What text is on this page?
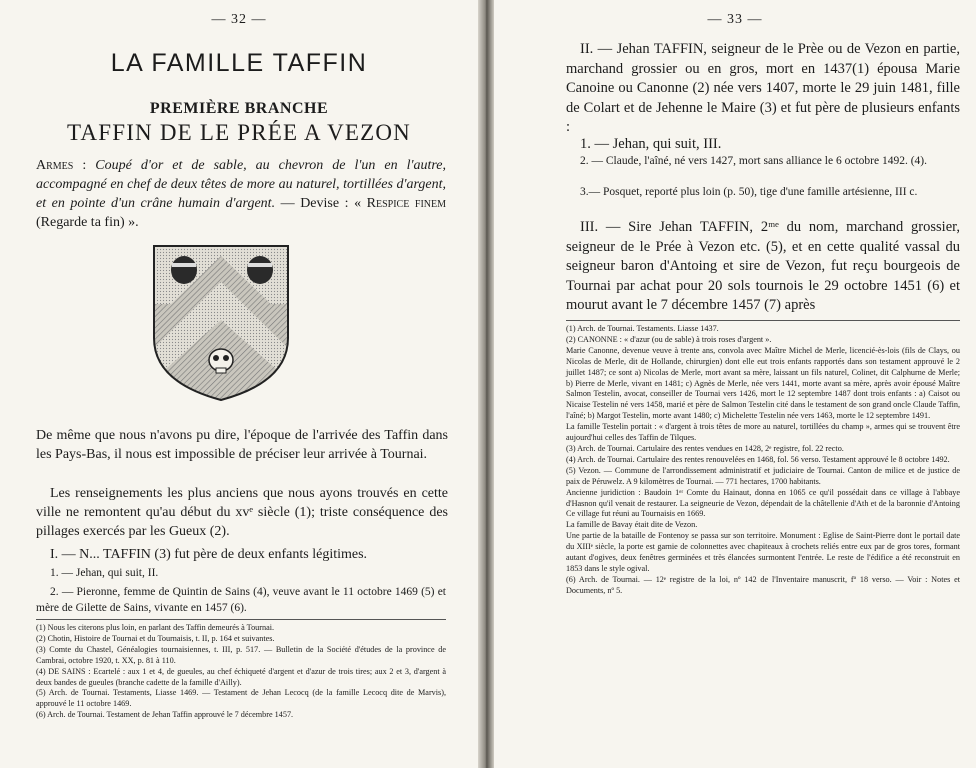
— 32 —
LA FAMILLE TAFFIN
PREMIÈRE BRANCHE
TAFFIN DE LE PRÉE A VEZON
Armes : Coupé d'or et de sable, au chevron de l'un en l'autre, accompagné en chef de deux têtes de more au naturel, tortillées d'argent, et en pointe d'un crâne humain d'argent. — Devise : « Respice finem (Regarde ta fin) ».

De même que nous n'avons pu dire, l'époque de l'arrivée des Taffin dans les Pays-Bas, il nous est impossible de préciser leur arrivée à Tournai.

Les renseignements les plus anciens que nous ayons trouvés en cette ville ne remontent qu'au début du xvᵉ siècle (1); triste conséquence des pillages exercés par les Gueux (2).

I. — N... TAFFIN (3) fut père de deux enfants légitimes.

1. — Jehan, qui suit, II.

2. — Pieronne, femme de Quintin de Sains (4), veuve avant le 11 octobre 1469 (5) et mère de Gilette de Sains, vivante en 1457 (6).

(1) Nous les citerons plus loin, en parlant des Taffin demeurés à Tournai.

(2) Chotin, Histoire de Tournai et du Tournaisis, t. II, p. 164 et suivantes.

(3) Comte du Chastel, Généalogies tournaisiennes, t. III, p. 517. — Bulletin de la Société d'études de la province de Cambrai, octobre 1920, t. XX, p. 81 à 110.

(4) DE SAINS : Ecartelé : aux 1 et 4, de gueules, au chef échiqueté d'argent et d'azur de trois tires; aux 2 et 3, d'argent à deux bandes de gueules (branche cadette de la famille d'Ailly).

(5) Arch. de Tournai. Testaments, Liasse 1469. — Testament de Jehan Lecocq (de la famille Lecocq dite de Marvis), approuvé le 11 octobre 1469.

(6) Arch. de Tournai. Testament de Jehan Taffin approuvé le 7 décembre 1457.

— 33 —

II. — Jehan TAFFIN, seigneur de le Prèe ou de Vezon en partie, marchand grossier ou en gros, mort en 1437(1) épousa Marie Canoine ou Canonne (2) née vers 1407, morte le 29 juin 1481, fille de Colart et de Jehenne le Maire (3) et fut père de plusieurs enfants :

1. — Jehan, qui suit, III.

2. — Claude, l'aîné, né vers 1427, mort sans alliance le 6 octobre 1492. (4).

3.— Posquet, reporté plus loin (p. 50), tige d'une famille artésienne, III c.

III. — Sire Jehan TAFFIN, 2ᵐᵉ du nom, marchand grossier, seigneur de le Prée à Vezon etc. (5), et en cette qualité vassal du seigneur baron d'Antoing et sire de Vezon, fut reçu bourgeois de Tournai par achat pour 20 sols tournois le 29 octobre 1451 (6) et mourut avant le 7 décembre 1457 (7) après

(1) Arch. de Tournai. Testaments. Liasse 1437.

(2) CANONNE : « d'azur (ou de sable) à trois roses d'argent ».

Marie Canonne, devenue veuve à trente ans, convola avec Maître Michel de Merle, licencié-ès-lois (fils de Clays, ou Nicolas de Merle, dit de Hollande, chirurgien) dont elle eut trois enfants rapportés dans son testament approuvé le 2 juillet 1487; ce sont a) Nicolas de Merle, mort avant sa mère, laissant un fils naturel, Colinet, dit Calphurne de Merle; b) Pierre de Merle, vivant en 1481; c) Agnès de Merle, née vers 1441, morte avant sa mère, après avoir épousé Maître Salmon Testelin, avocat, conseiller de Tournai vers 1426, mort le 12 septembre 1487 dont trois enfants : a) Caisot ou Nicaise Testelin né vers 1458, marié et père de Salmon Testelin cité dans le testament de son grand oncle Claude Taffin, l'aîné; b) Margot Testelin, morte avant 1480; c) Michelette Testelin née vers 1463, morte le 12 septembre 1491.

La famille Testelin portait : « d'argent à trois têtes de more au naturel, tortillées du champ », armes qui se trouvent être aujourd'hui celles des Taffin de Tilques.

(3) Arch. de Tournai. Cartulaire des rentes vendues en 1428, 2ᵉ registre, fol. 22 recto.

(4) Arch. de Tournai. Cartulaire des rentes renouvelées en 1468, fol. 56 verso. Testament approuvé le 8 octobre 1492.

(5) Vezon. — Commune de l'arrondissement administratif et judiciaire de Tournai. Canton de milice et de justice de paix de Péruwelz. A 9 kilomètres de Tournai. — 771 hectares, 1700 habitants.

Ancienne juridiction : Baudoin 1ᵉʳ Comte du Hainaut, donna en 1065 ce qu'il possédait dans ce village à l'abbaye d'Hasnon qu'il venait de restaurer. La seigneurie de Vezon, dépendait de la châtellenie d'Ath et de la baronnie d'Antoing Ce village fut réuni au Tournaisis en 1669.

La famille de Bavay était dite de Vezon.

Une partie de la bataille de Fontenoy se passa sur son territoire. Monument : Eglise de Saint-Pierre dont le portail date du XIIIᵉ siècle, la porte est garnie de colonnettes avec chapiteaux à crochets reliés entre eux par de gros tores, formant autant d'ogives, deux fenêtres germinées et très élancées surmontent l'entrée. Le reste de l'édifice a été reconstruit en 1853 dans le style ogival.

(6) Arch. de Tournai. — 12ᵉ registre de la loi, nº 142 de l'Inventaire manuscrit, fº 18 verso. — Voir : Notes et Documents, nº 5.
